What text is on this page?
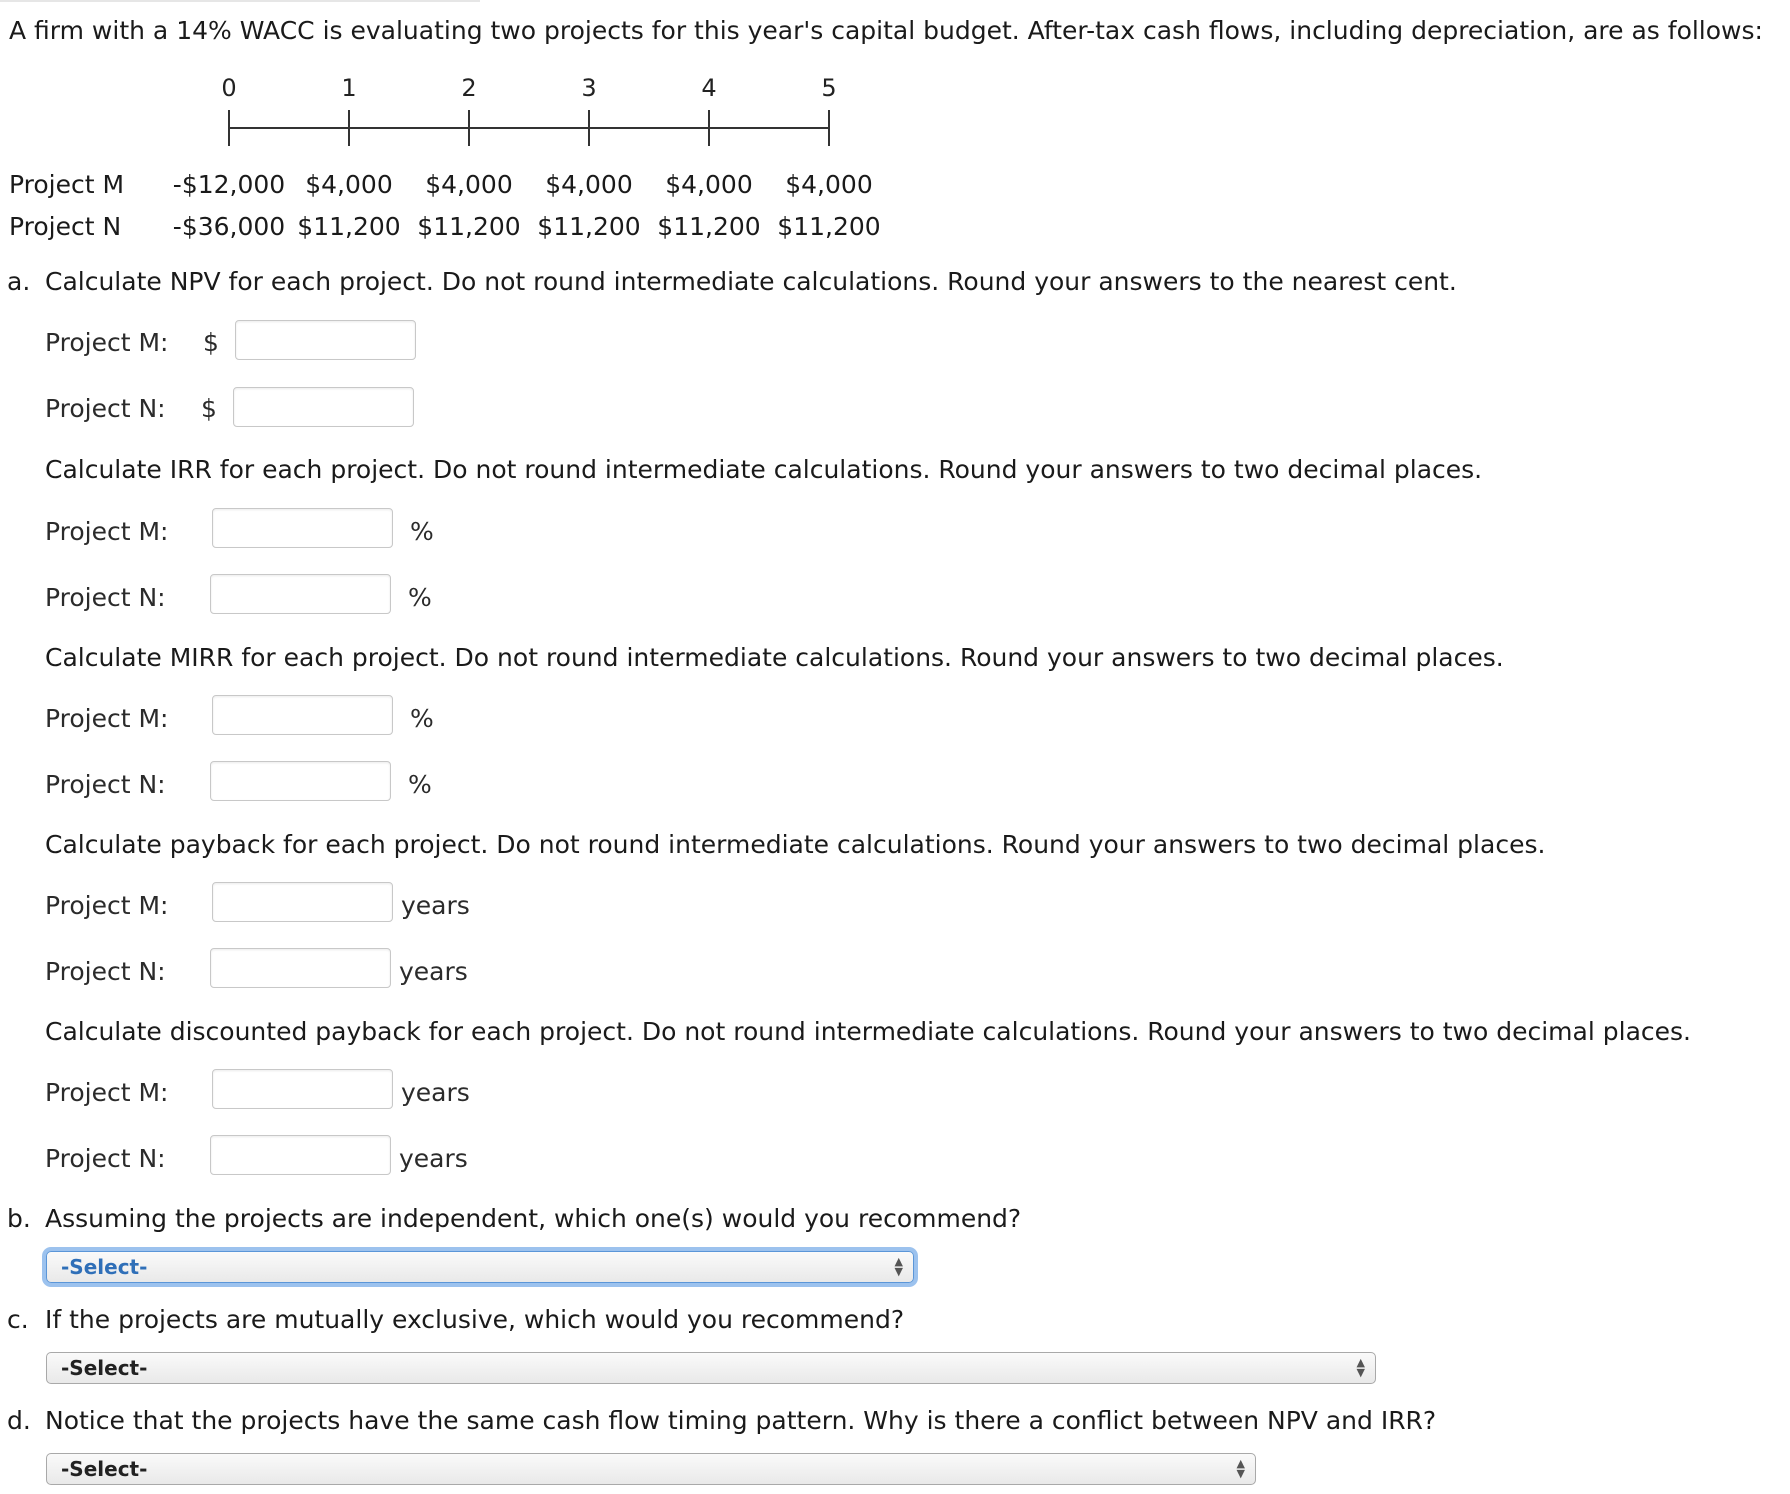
A firm with a 14% WACC is evaluating two projects for this year's capital budget. After-tax cash flows, including depreciation, are as follows:
0	1	2	3	4	5
Project M -$12,000 $4,000	$4,000	$4,000	$4,000	$4,000
Project N -$36,000 $11,200 $11,200 $11,200 $11,200 $11,200
a. Calculate NPV for each project. Do not round intermediate calculations. Round your answers to the nearest cent.
Project M: $
Project N: $
Calculate IRR for each project. Do not round intermediate calculations. Round your answers to two decimal places.
Project M:	%
Project N:	%
Calculate MIRR for each project. Do not round intermediate calculations. Round your answers to two decimal places.
Project M:	%
Project N:	%
Calculate payback for each project. Do not round intermediate calculations. Round your answers to two decimal places.
Project M:	years
Project N:	years
Calculate discounted payback for each project. Do not round intermediate calculations. Round your answers to two decimal places.
Project M:	years
Project N:	years
b. Assuming the projects are independent, which one(s) would you recommend?
-Select-	▲
▼
c. If the projects are mutually exclusive, which would you recommend?
-Select-	▲
▼
d. Notice that the projects have the same cash flow timing pattern. Why is there a conflict between NPV and IRR?
-Select-	▲
▼
